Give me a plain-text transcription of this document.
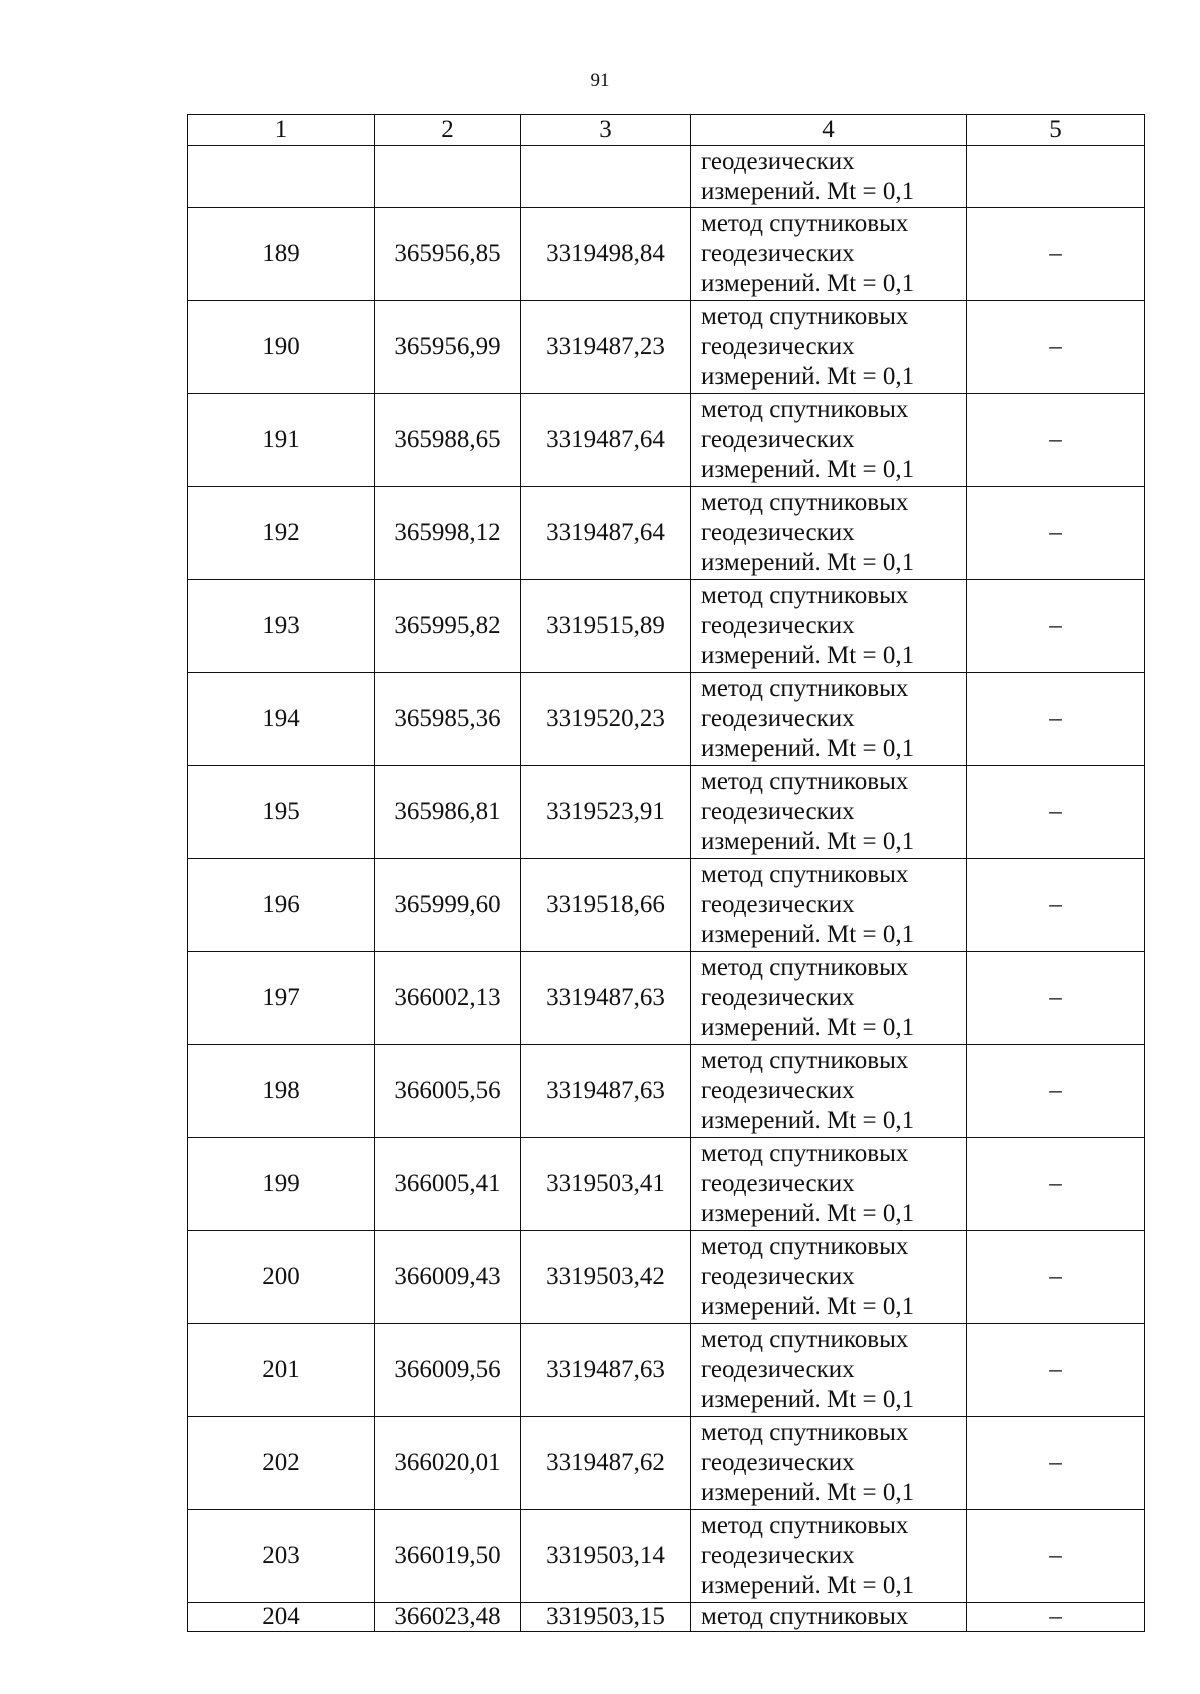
91
1	2	3	4	5

			геодезических
измерений. Mt = 0,1	

189	365956,85	3319498,84	метод спутниковых
геодезических
измерений. Mt = 0,1	–
190	365956,99	3319487,23	метод спутниковых
геодезических
измерений. Mt = 0,1	–
191	365988,65	3319487,64	метод спутниковых
геодезических
измерений. Mt = 0,1	–
192	365998,12	3319487,64	метод спутниковых
геодезических
измерений. Mt = 0,1	–
193	365995,82	3319515,89	метод спутниковых
геодезических
измерений. Mt = 0,1	–
194	365985,36	3319520,23	метод спутниковых
геодезических
измерений. Mt = 0,1	–
195	365986,81	3319523,91	метод спутниковых
геодезических
измерений. Mt = 0,1	–
196	365999,60	3319518,66	метод спутниковых
геодезических
измерений. Mt = 0,1	–
197	366002,13	3319487,63	метод спутниковых
геодезических
измерений. Mt = 0,1	–
198	366005,56	3319487,63	метод спутниковых
геодезических
измерений. Mt = 0,1	–
199	366005,41	3319503,41	метод спутниковых
геодезических
измерений. Mt = 0,1	–
200	366009,43	3319503,42	метод спутниковых
геодезических
измерений. Mt = 0,1	–
201	366009,56	3319487,63	метод спутниковых
геодезических
измерений. Mt = 0,1	–
202	366020,01	3319487,62	метод спутниковых
геодезических
измерений. Mt = 0,1	–
203	366019,50	3319503,14	метод спутниковых
геодезических
измерений. Mt = 0,1	–
204	366023,48	3319503,15	метод спутниковых	–
